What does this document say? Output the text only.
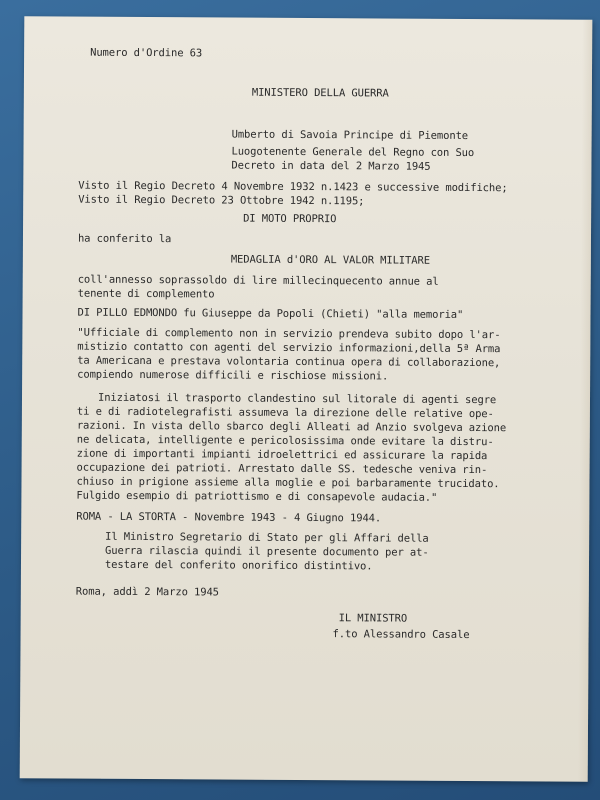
Numero d'Ordine 63
MINISTERO DELLA GUERRA
Umberto di Savoia Principe di Piemonte
Luogotenente Generale del Regno con Suo
Decreto in data del 2 Marzo 1945
Visto il Regio Decreto 4 Novembre 1932 n.1423 e successive modifiche;
Visto il Regio Decreto 23 Ottobre 1942 n.1195;
DI MOTO PROPRIO
ha conferito la
MEDAGLIA d'ORO AL VALOR MILITARE
coll'annesso soprassoldo di lire millecinquecento annue al
tenente di complemento
DI PILLO EDMONDO fu Giuseppe da Popoli (Chieti) "alla memoria"
"Ufficiale di complemento non in servizio prendeva subito dopo l'ar-
mistizio contatto con agenti del servizio informazioni,della 5ª Arma
ta Americana e prestava volontaria continua opera di collaborazione,
compiendo numerose difficili e rischiose missioni.
Iniziatosi il trasporto clandestino sul litorale di agenti segre
ti e di radiotelegrafisti assumeva la direzione delle relative ope-
razioni. In vista dello sbarco degli Alleati ad Anzio svolgeva azione
ne delicata, intelligente e pericolosissima onde evitare la distru-
zione di importanti impianti idroelettrici ed assicurare la rapida
occupazione dei patrioti. Arrestato dalle SS. tedesche veniva rin-
chiuso in prigione assieme alla moglie e poi barbaramente trucidato.
Fulgido esempio di patriottismo e di consapevole audacia."
ROMA - LA STORTA - Novembre 1943 - 4 Giugno 1944.
Il Ministro Segretario di Stato per gli Affari della
Guerra rilascia quindi il presente documento per at-
testare del conferito onorifico distintivo.
Roma, addì 2 Marzo 1945
IL MINISTRO
f.to Alessandro Casale
